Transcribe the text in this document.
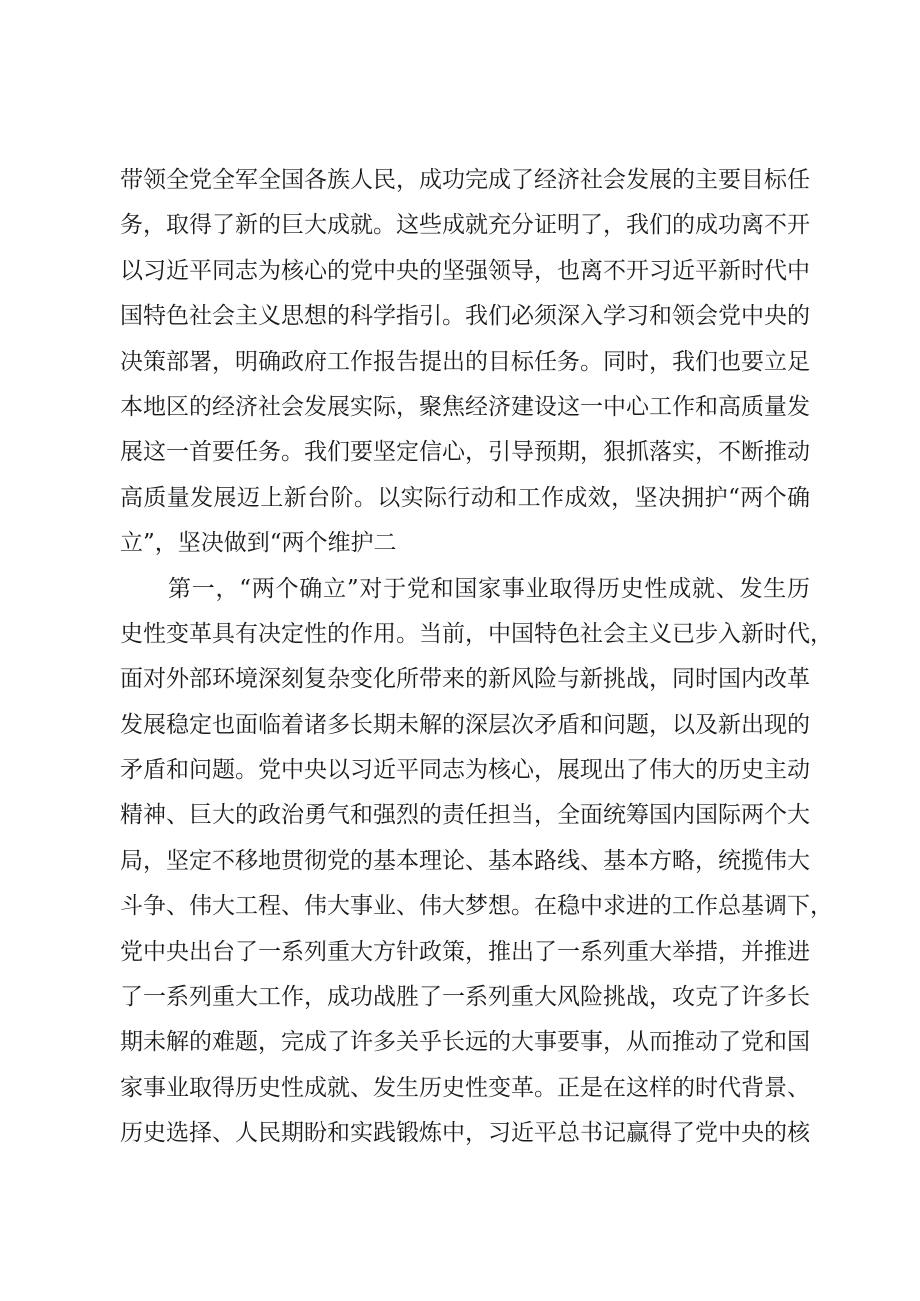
带领全党全军全国各族人民，成功完成了经济社会发展的主要目标任
务，取得了新的巨大成就。这些成就充分证明了，我们的成功离不开
以习近平同志为核心的党中央的坚强领导，也离不开习近平新时代中
国特色社会主义思想的科学指引。我们必须深入学习和领会党中央的
决策部署，明确政府工作报告提出的目标任务。同时，我们也要立足
本地区的经济社会发展实际，聚焦经济建设这一中心工作和高质量发
展这一首要任务。我们要坚定信心，引导预期，狠抓落实，不断推动
高质量发展迈上新台阶。以实际行动和工作成效，坚决拥护“两个确
立”，坚决做到“两个维护二
第一，“两个确立”对于党和国家事业取得历史性成就、发生历
史性变革具有决定性的作用。当前，中国特色社会主义已步入新时代，
面对外部环境深刻复杂变化所带来的新风险与新挑战，同时国内改革
发展稳定也面临着诸多长期未解的深层次矛盾和问题，以及新出现的
矛盾和问题。党中央以习近平同志为核心，展现出了伟大的历史主动
精神、巨大的政治勇气和强烈的责任担当，全面统筹国内国际两个大
局，坚定不移地贯彻党的基本理论、基本路线、基本方略，统揽伟大
斗争、伟大工程、伟大事业、伟大梦想。在稳中求进的工作总基调下，
党中央出台了一系列重大方针政策，推出了一系列重大举措，并推进
了一系列重大工作，成功战胜了一系列重大风险挑战，攻克了许多长
期未解的难题，完成了许多关乎长远的大事要事，从而推动了党和国
家事业取得历史性成就、发生历史性变革。正是在这样的时代背景、
历史选择、人民期盼和实践锻炼中，习近平总书记赢得了党中央的核
